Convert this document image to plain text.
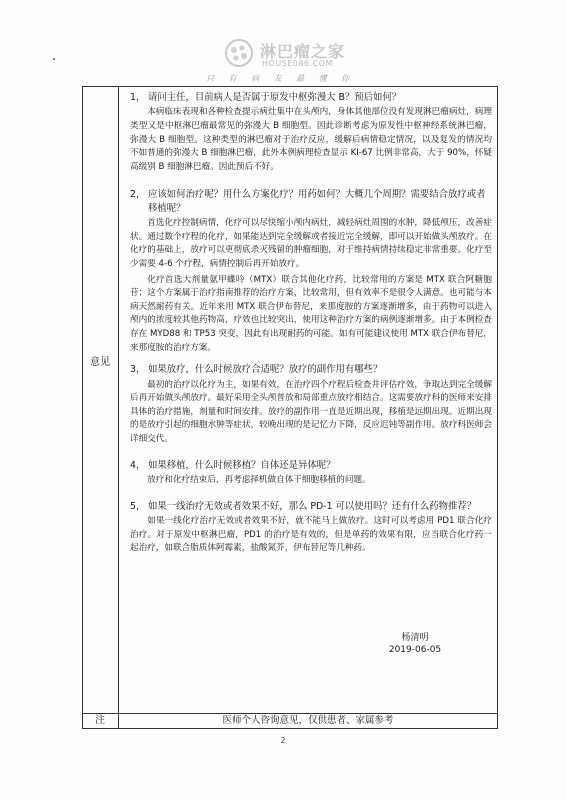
淋巴瘤之家
HOUSE086.COM
只 有 病 友 最 懂 你
意见
注	医师个人咨询意见，仅供患者、家属参考
1， 请问主任，目前病人是否属于原发中枢弥漫大 B？预后如何？

本病临床表现和各种检查提示病灶集中在头颅内，身体其他部位没有发现淋巴瘤病灶，病理类型又是中枢淋巴瘤最常见的弥漫大 B 细胞型。因此诊断考虑为原发性中枢神经系统淋巴瘤，弥漫大 B 细胞型。这种类型的淋巴瘤对于治疗反应，缓解后病情稳定情况，以及复发的情况均不如普通的弥漫大 B 细胞淋巴瘤，此外本例病理检查显示 KI-67 比例非常高，大于 90%，怀疑高级别 B 细胞淋巴瘤。因此预后不好。

2， 应该如何治疗呢？用什么方案化疗？用药如何？大概几个周期？需要结合放疗或者移植呢？

首选化疗控制病情，化疗可以尽快缩小颅内病灶，减轻病灶周围的水肿，降低颅压，改善症状。通过数个疗程的化疗，如果能达到完全缓解或者接近完全缓解，即可以开始做头颅放疗。在化疗的基础上，放疗可以更彻底杀灭残留的肿瘤细胞，对于维持病情持续稳定非常重要。化疗至少需要 4-6 个疗程，病情控制后再开始放疗。

化疗首选大剂量氨甲蝶呤（MTX）联合其他化疗药，比较常用的方案是 MTX 联合阿糖胞苷；这个方案属于治疗指南推荐的治疗方案，比较常用，但有效率不是很令人满意。也可能与本病天然耐药有关。近年来用 MTX 联合伊布替尼，来那度胺的方案逐渐增多，由于药物可以进入颅内的浓度较其他药物高，疗效也比较突出，使用这种治疗方案的病例逐渐增多。由于本例检查存在 MYD88 和 TP53 突变，因此有出现耐药的可能。如有可能建议使用 MTX 联合伊布替尼，来那度胺的治疗方案。

3， 如果放疗，什么时候放疗合适呢？放疗的副作用有哪些？

最初的治疗以化疗为主，如果有效，在治疗四个疗程后检查并评估疗效，争取达到完全缓解后再开始做头颅放疗。最好采用全头颅普放和局部重点放疗相结合。这需要放疗科的医师来安排具体的治疗措施，剂量和时间安排。放疗的副作用一直是近期出现，移植是远期出现。近期出现的是放疗引起的细胞水肿等症状，较晚出现的是记忆力下降，反应迟钝等副作用。放疗科医师会详细交代。

4， 如果移植，什么时候移植？自体还是异体呢？

放疗和化疗结束后，再考虑择机做自体干细胞移植的问题。

5， 如果一线治疗无效或者效果不好，那么 PD-1 可以使用吗？还有什么药物推荐？

如果一线化疗治疗无效或者效果不好，就不能马上做放疗。这时可以考虑用 PD1 联合化疗治疗。对于原发中枢淋巴瘤，PD1 的治疗是有效的，但是单药的效果有限，应当联合化疗药一起治疗，如联合脂质体阿霉素，盐酸氮芥，伊布替尼等几种药。

杨清明
2019-06-05
2
